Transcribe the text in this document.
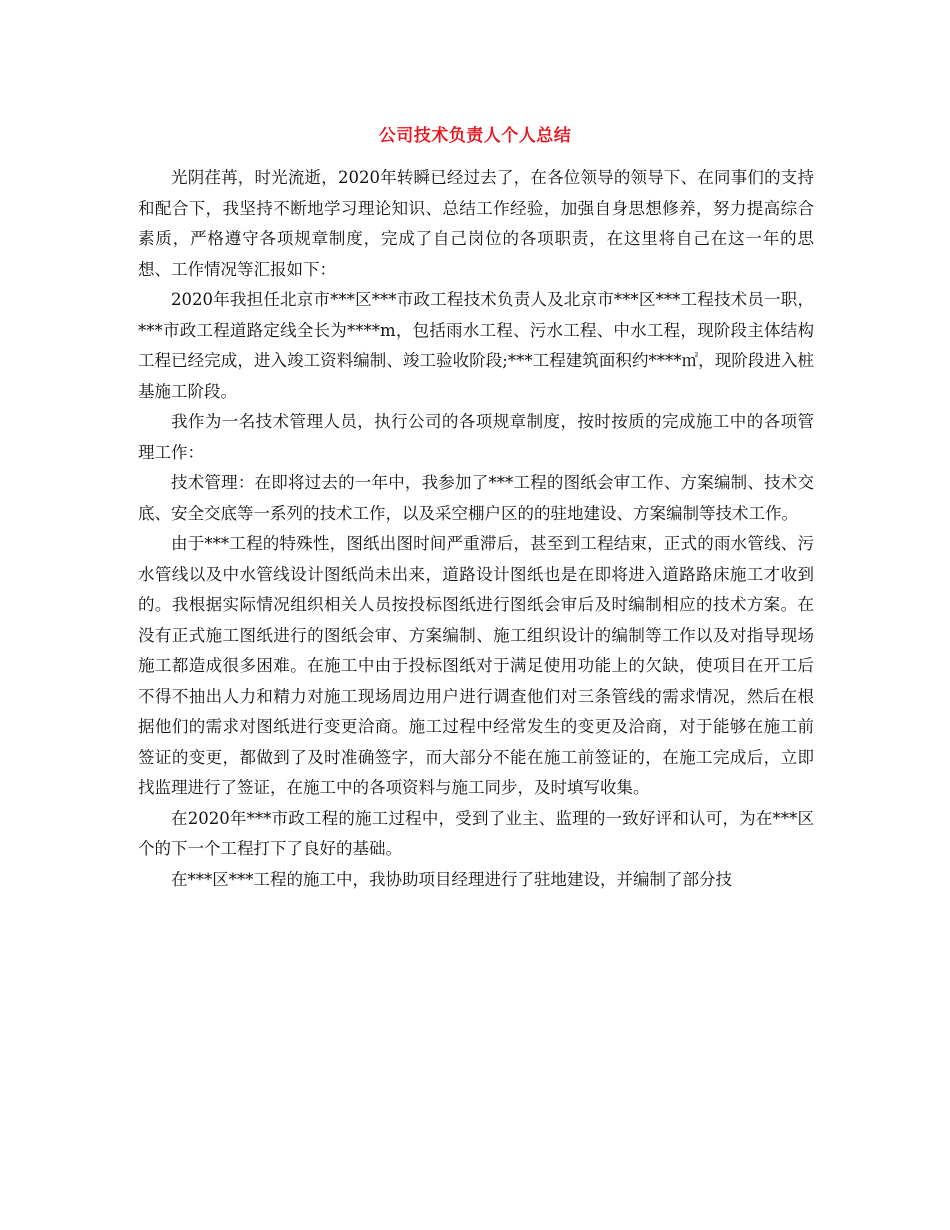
公司技术负责人个人总结

光阴荏苒，时光流逝，2020年转瞬已经过去了，在各位领导的领导下、在同事们的支持和配合下，我坚持不断地学习理论知识、总结工作经验，加强自身思想修养，努力提高综合素质，严格遵守各项规章制度，完成了自己岗位的各项职责，在这里将自己在这一年的思想、工作情况等汇报如下：

2020年我担任北京市***区***市政工程技术负责人及北京市***区***工程技术员一职，***市政工程道路定线全长为****m，包括雨水工程、污水工程、中水工程，现阶段主体结构工程已经完成，进入竣工资料编制、竣工验收阶段;***工程建筑面积约****㎡，现阶段进入桩基施工阶段。

我作为一名技术管理人员，执行公司的各项规章制度，按时按质的完成施工中的各项管理工作：

技术管理：在即将过去的一年中，我参加了***工程的图纸会审工作、方案编制、技术交底、安全交底等一系列的技术工作，以及采空棚户区的的驻地建设、方案编制等技术工作。

由于***工程的特殊性，图纸出图时间严重滞后，甚至到工程结束，正式的雨水管线、污水管线以及中水管线设计图纸尚未出来，道路设计图纸也是在即将进入道路路床施工才收到的。我根据实际情况组织相关人员按投标图纸进行图纸会审后及时编制相应的技术方案。在没有正式施工图纸进行的图纸会审、方案编制、施工组织设计的编制等工作以及对指导现场施工都造成很多困难。在施工中由于投标图纸对于满足使用功能上的欠缺，使项目在开工后不得不抽出人力和精力对施工现场周边用户进行调查他们对三条管线的需求情况，然后在根据他们的需求对图纸进行变更洽商。施工过程中经常发生的变更及洽商，对于能够在施工前签证的变更，都做到了及时准确签字，而大部分不能在施工前签证的，在施工完成后，立即找监理进行了签证，在施工中的各项资料与施工同步，及时填写收集。

在2020年***市政工程的施工过程中，受到了业主、监理的一致好评和认可，为在***区个的下一个工程打下了良好的基础。

在***区***工程的施工中，我协助项目经理进行了驻地建设，并编制了部分技
